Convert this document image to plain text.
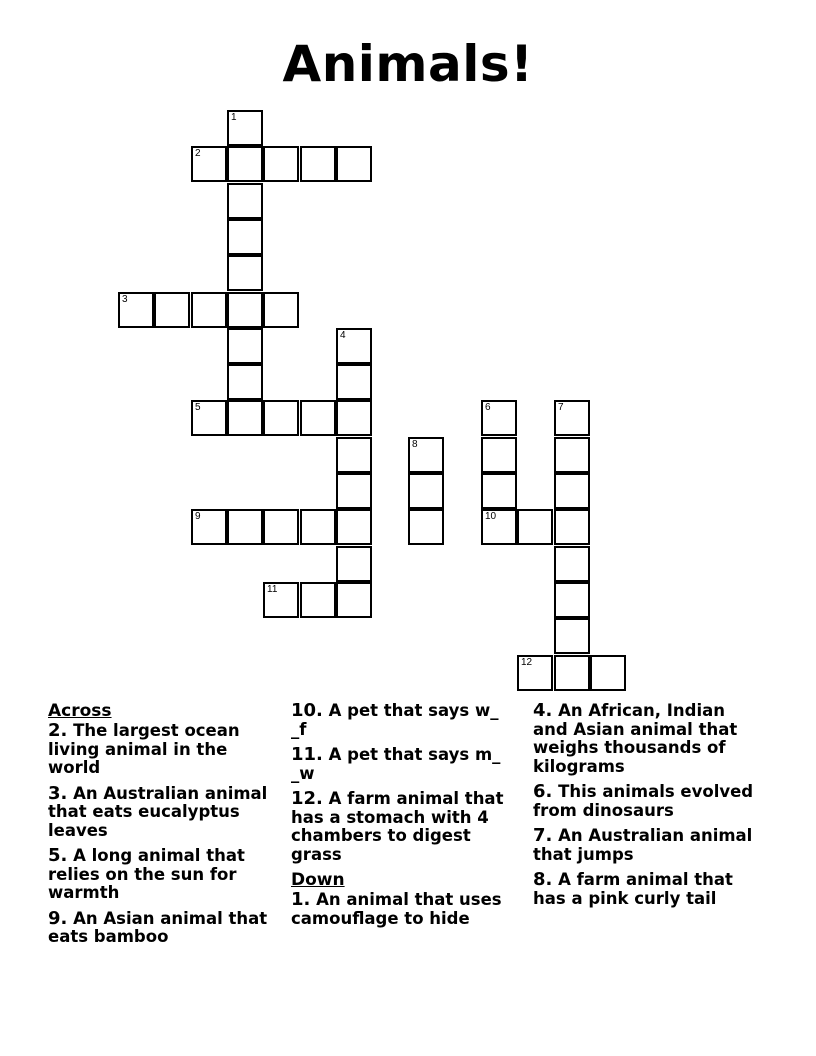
Animals!
1
2
3
4
5	6	7
8
9	10
11
12
Across
2. The largest ocean living animal in the world
3. An Australian animal that eats eucalyptus leaves
5. A long animal that relies on the sun for warmth
9. An Asian animal that eats bamboo
10. A pet that says w_ _f
11. A pet that says m_ _w
12. A farm animal that has a stomach with 4 chambers to digest grass
Down
1. An animal that uses camouflage to hide
4. An African, Indian and Asian animal that weighs thousands of kilograms
6. This animals evolved from dinosaurs
7. An Australian animal that jumps
8. A farm animal that has a pink curly tail
